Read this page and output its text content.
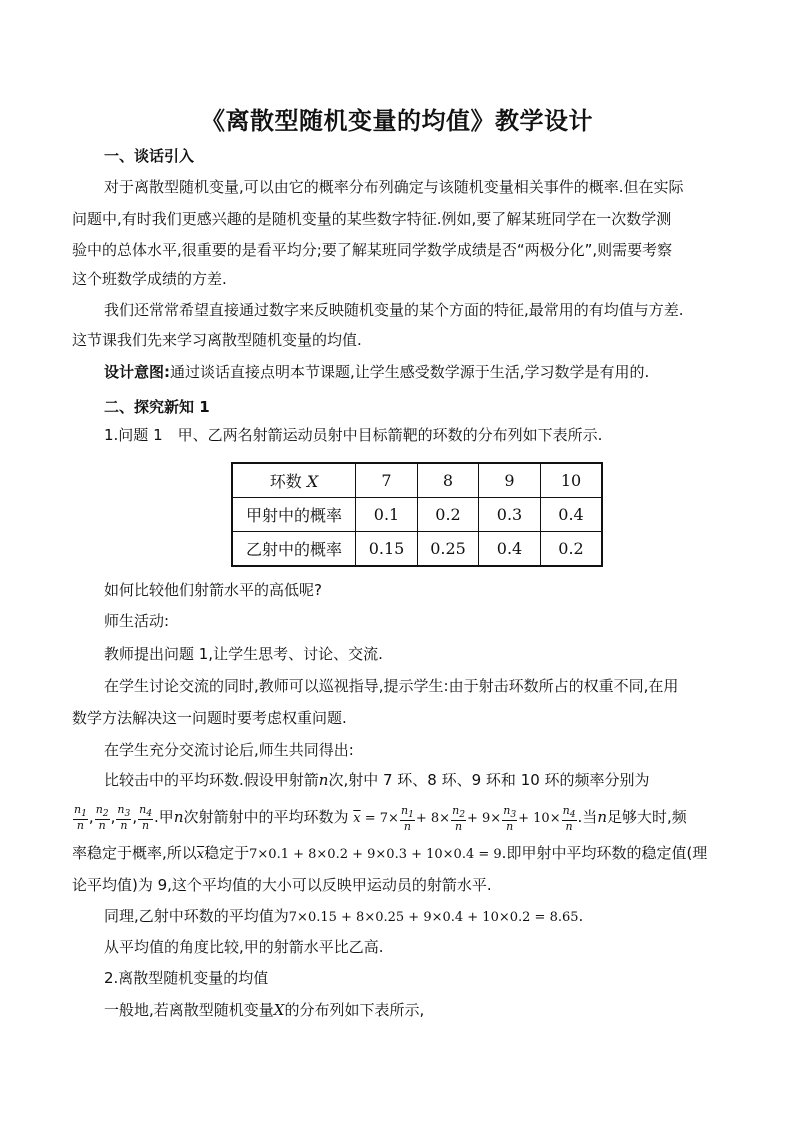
《离散型随机变量的均值》教学设计
一、谈话引入
对于离散型随机变量,可以由它的概率分布列确定与该随机变量相关事件的概率.但在实际
问题中,有时我们更感兴趣的是随机变量的某些数字特征.例如,要了解某班同学在一次数学测
验中的总体水平,很重要的是看平均分;要了解某班同学数学成绩是否“两极分化”,则需要考察
这个班数学成绩的方差.
我们还常常希望直接通过数字来反映随机变量的某个方面的特征,最常用的有均值与方差.
这节课我们先来学习离散型随机变量的均值.
设计意图:通过谈话直接点明本节课题,让学生感受数学源于生活,学习数学是有用的.
二、探究新知 1
1.问题 1　甲、乙两名射箭运动员射中目标箭靶的环数的分布列如下表所示.
环数 X	7	8	9	10
甲射中的概率	0.1	0.2	0.3	0.4
乙射中的概率	0.15	0.25	0.4	0.2
如何比较他们射箭水平的高低呢?
师生活动:
教师提出问题 1,让学生思考、讨论、交流.
在学生讨论交流的同时,教师可以巡视指导,提示学生:由于射击环数所占的权重不同,在用
数学方法解决这一问题时要考虑权重问题.
在学生充分交流讨论后,师生共同得出:
比较击中的平均环数.假设甲射箭n次,射中 7 环、8 环、9 环和 10 环的频率分别为
$\frac{n_1}{n}$ , $\frac{n_2}{n}$ , $\frac{n_3}{n}$ , $\frac{n_4}{n}$ .甲n次射箭射中的平均环数为 $\overline{x} = 7\times \frac{n_1}{n} + 8\times \frac{n_2}{n} + 9\times \frac{n_3}{n} + 10\times \frac{n_4}{n}$ .当n足够大时,频
率稳定于概率,所以$\overline{x}$稳定于7×0.1 + 8×0.2 + 9×0.3 + 10×0.4 = 9.即甲射中平均环数的稳定值(理
论平均值)为 9,这个平均值的大小可以反映甲运动员的射箭水平.
同理,乙射中环数的平均值为7×0.15 + 8×0.25 + 9×0.4 + 10×0.2 = 8.65.
从平均值的角度比较,甲的射箭水平比乙高.
2.离散型随机变量的均值
一般地,若离散型随机变量X的分布列如下表所示,
